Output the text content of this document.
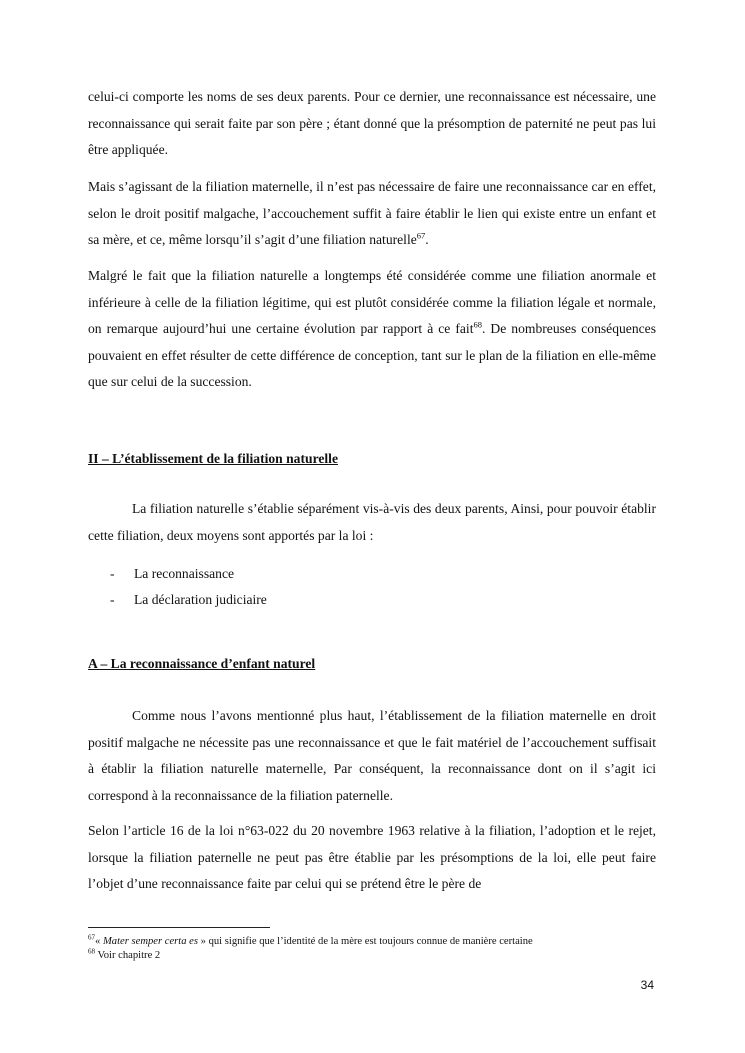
celui-ci comporte les noms de ses deux parents. Pour ce dernier, une reconnaissance est nécessaire, une reconnaissance qui serait faite par son père ; étant donné que la présomption de paternité ne peut pas lui être appliquée.

Mais s’agissant de la filiation maternelle, il n’est pas nécessaire de faire une reconnaissance car en effet, selon le droit positif malgache, l’accouchement suffit à faire établir le lien qui existe entre un enfant et sa mère, et ce, même lorsqu’il s’agit d’une filiation naturelle$^{67}$.

Malgré le fait que la filiation naturelle a longtemps été considérée comme une filiation anormale et inférieure à celle de la filiation légitime, qui est plutôt considérée comme la filiation légale et normale, on remarque aujourd’hui une certaine évolution par rapport à ce fait$^{68}$. De nombreuses conséquences pouvaient en effet résulter de cette différence de conception, tant sur le plan de la filiation en elle-même que sur celui de la succession.

II – L’établissement de la filiation naturelle

La filiation naturelle s’établie séparément vis-à-vis des deux parents, Ainsi, pour pouvoir établir cette filiation, deux moyens sont apportés par la loi :

- La reconnaissance
- La déclaration judiciaire

A – La reconnaissance d’enfant naturel

Comme nous l’avons mentionné plus haut, l’établissement de la filiation maternelle en droit positif malgache ne nécessite pas une reconnaissance et que le fait matériel de l’accouchement suffisait à établir la filiation naturelle maternelle, Par conséquent, la reconnaissance dont on il s’agit ici correspond à la reconnaissance de la filiation paternelle.

Selon l’article 16 de la loi n°63-022 du 20 novembre 1963 relative à la filiation, l’adoption et le rejet, lorsque la filiation paternelle ne peut pas être établie par les présomptions de la loi, elle peut faire l’objet d’une reconnaissance faite par celui qui se prétend être le père de

$^{67}$« Mater semper certa es » qui signifie que l’identité de la mère est toujours connue de manière certaine

$^{68}$ Voir chapitre 2

34
